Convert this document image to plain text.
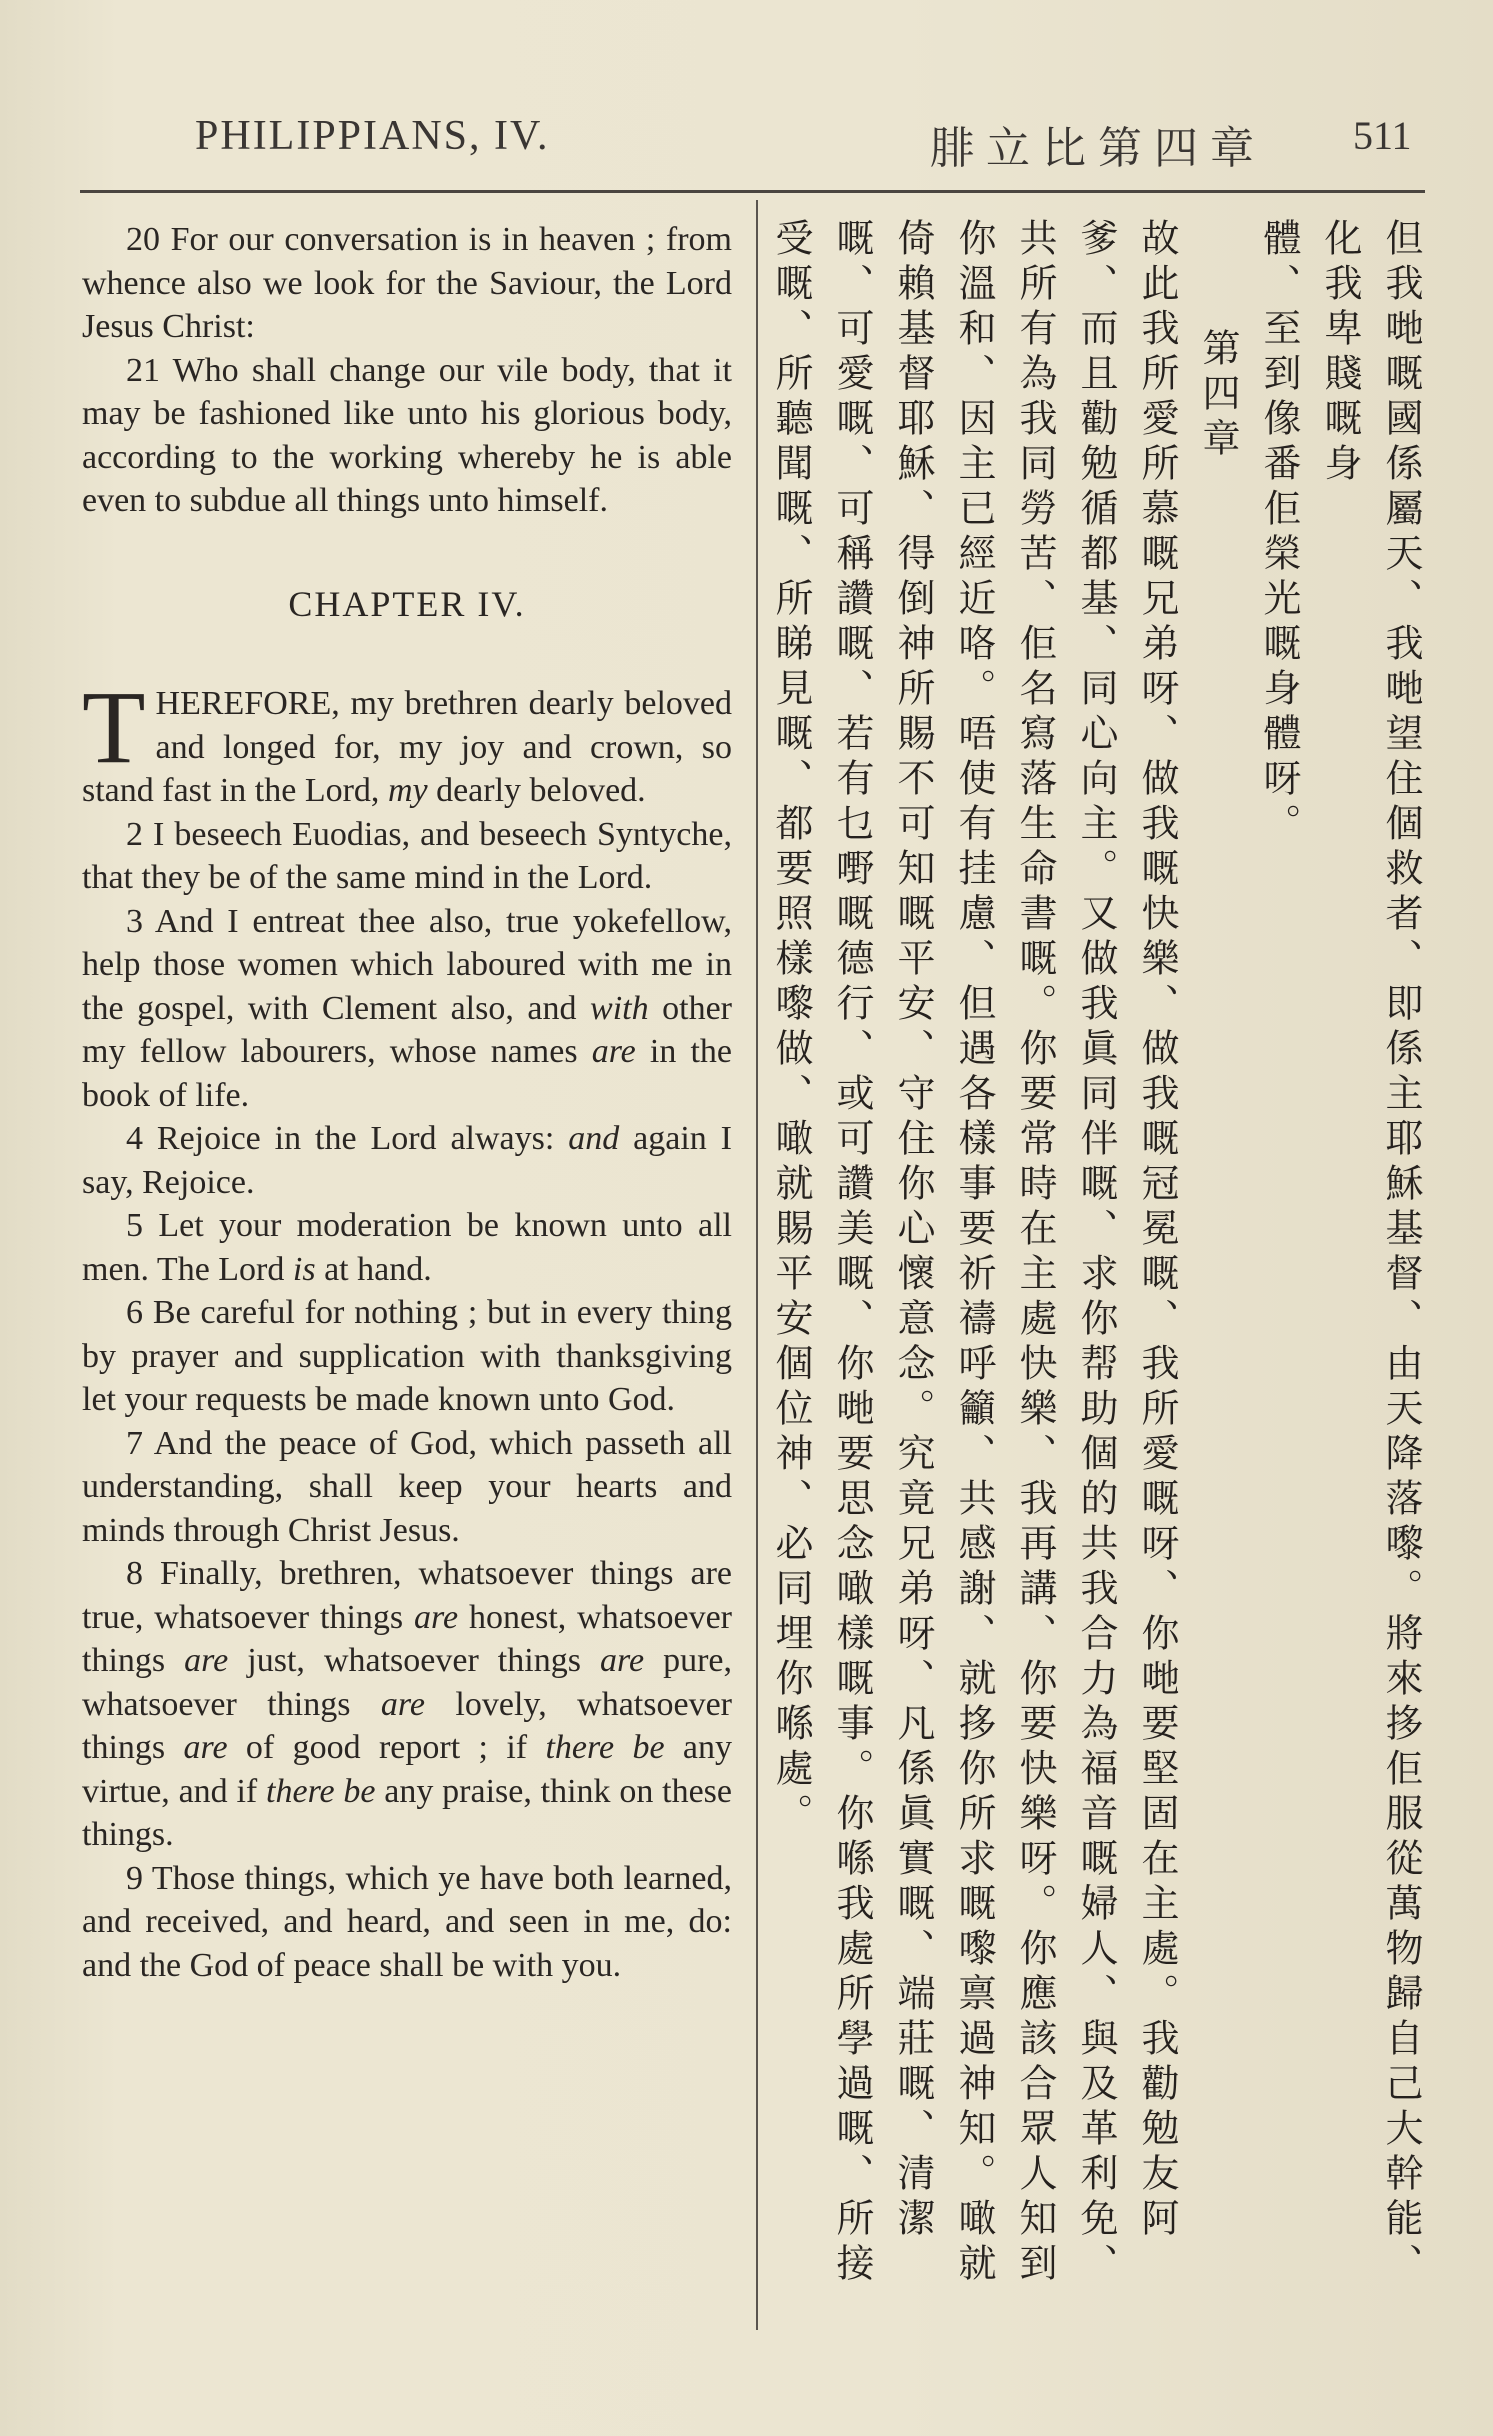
PHILIPPIANS, IV.	腓立比第四章 511

20 For our conversation is in heaven ; from whence also we look for the Saviour, the Lord Jesus Christ:

21 Who shall change our vile body, that it may be fashioned like unto his glorious body, according to the working whereby he is able even to subdue all things unto himself.

CHAPTER IV.

THEREFORE, my brethren dearly beloved and longed for, my joy and crown, so stand fast in the Lord, my dearly beloved.

2 I beseech Euodias, and beseech Syntyche, that they be of the same mind in the Lord.

3 And I entreat thee also, true yokefellow, help those women which laboured with me in the gospel, with Clement also, and with other my fellow labourers, whose names are in the book of life.

4 Rejoice in the Lord always: and again I say, Rejoice.

5 Let your moderation be known unto all men. The Lord is at hand.

6 Be careful for nothing ; but in every thing by prayer and supplication with thanksgiving let your requests be made known unto God.

7 And the peace of God, which passeth all understanding, shall keep your hearts and minds through Christ Jesus.

8 Finally, brethren, whatsoever things are true, whatsoever things are honest, whatsoever things are just, whatsoever things are pure, whatsoever things are lovely, whatsoever things are of good report ; if there be any virtue, and if there be any praise, think on these things.

9 Those things, which ye have both learned, and received, and heard, and seen in me, do: and the God of peace shall be with you.	但我哋嘅國係屬天、我哋望住個救者、即係主耶穌基督、由天降落嚟。將來拸佢服從萬物歸自己大幹能、化我卑賤嘅身

體、至到像番佢榮光嘅身體呀。

第四章

故此我所愛所慕嘅兄弟呀、做我嘅快樂、做我嘅冠冕嘅、我所愛嘅呀、你哋要堅固在主處。我勸勉友阿爹、而且勸勉循都基、同心向主。又做我眞同伴嘅、求你帮助個的共我合力為福音嘅婦人、與及革利免、共所有為我同勞苦、佢名寫落生命書嘅。你要常時在主處快樂、我再講、你要快樂呀。你應該合眾人知到你溫和、因主已經近咯。唔使有挂慮、但遇各樣事要祈禱呼籲、共感謝、就拸你所求嘅嚟禀過神知。噉就倚賴基督耶穌、得倒神所賜不可知嘅平安、守住你心懷意念。究竟兄弟呀、凡係眞實嘅、端莊嘅、清潔嘅、可愛嘅、可稱讚嘅、若有乜嘢嘅德行、或可讚美嘅、你哋要思念噉樣嘅事。你喺我處所學過嘅、所接受嘅、所聽聞嘅、所睇見嘅、都要照樣嚟做、噉就賜平安個位神、必同埋你喺處。
